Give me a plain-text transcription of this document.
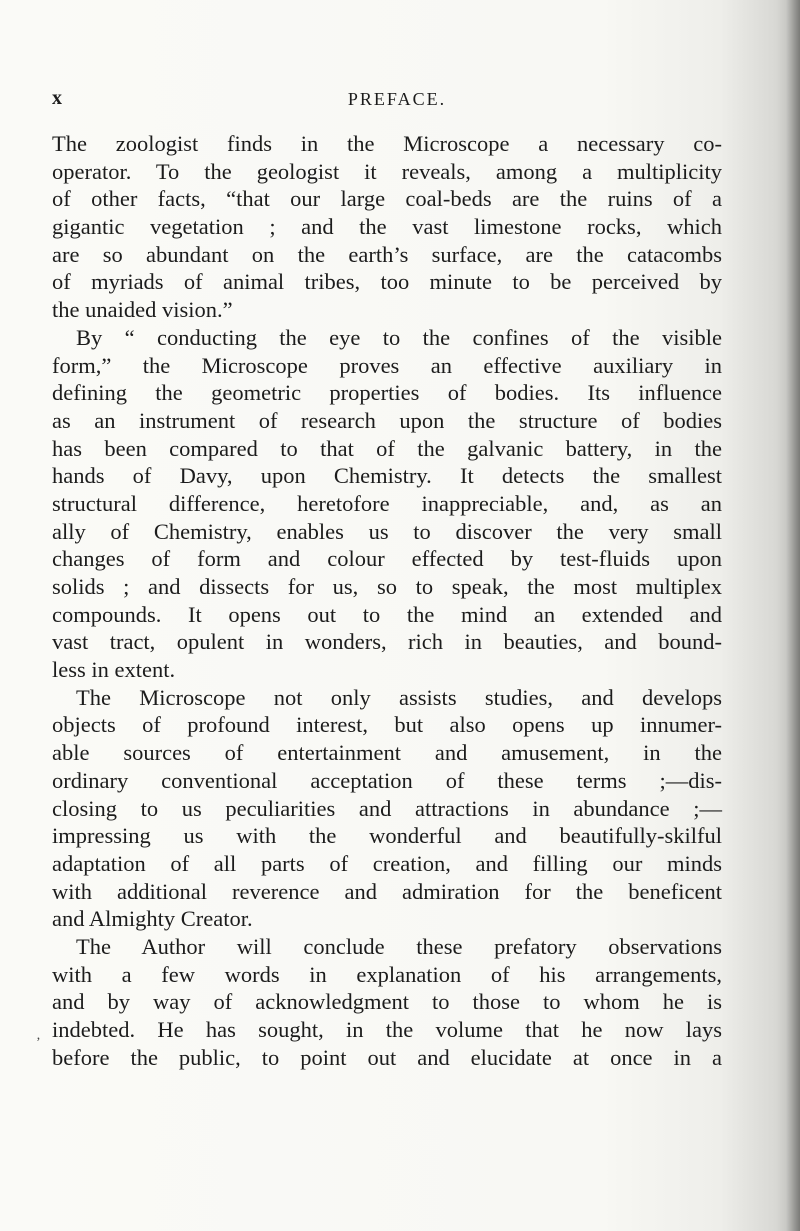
x	PREFACE.
‚
The zoologist finds in the Microscope a necessary co-
operator. To the geologist it reveals, among a multiplicity
of other facts, “that our large coal-beds are the ruins of a
gigantic vegetation ; and the vast limestone rocks, which
are so abundant on the earth’s surface, are the catacombs
of myriads of animal tribes, too minute to be perceived by
the unaided vision.”
By “ conducting the eye to the confines of the visible
form,” the Microscope proves an effective auxiliary in
defining the geometric properties of bodies. Its influence
as an instrument of research upon the structure of bodies
has been compared to that of the galvanic battery, in the
hands of Davy, upon Chemistry. It detects the smallest
structural difference, heretofore inappreciable, and, as an
ally of Chemistry, enables us to discover the very small
changes of form and colour effected by test-fluids upon
solids ; and dissects for us, so to speak, the most multiplex
compounds. It opens out to the mind an extended and
vast tract, opulent in wonders, rich in beauties, and bound-
less in extent.
The Microscope not only assists studies, and develops
objects of profound interest, but also opens up innumer-
able sources of entertainment and amusement, in the
ordinary conventional acceptation of these terms ;—dis-
closing to us peculiarities and attractions in abundance ;—
impressing us with the wonderful and beautifully-skilful
adaptation of all parts of creation, and filling our minds
with additional reverence and admiration for the beneficent
and Almighty Creator.
The Author will conclude these prefatory observations
with a few words in explanation of his arrangements,
and by way of acknowledgment to those to whom he is
indebted. He has sought, in the volume that he now lays
before the public, to point out and elucidate at once in a
